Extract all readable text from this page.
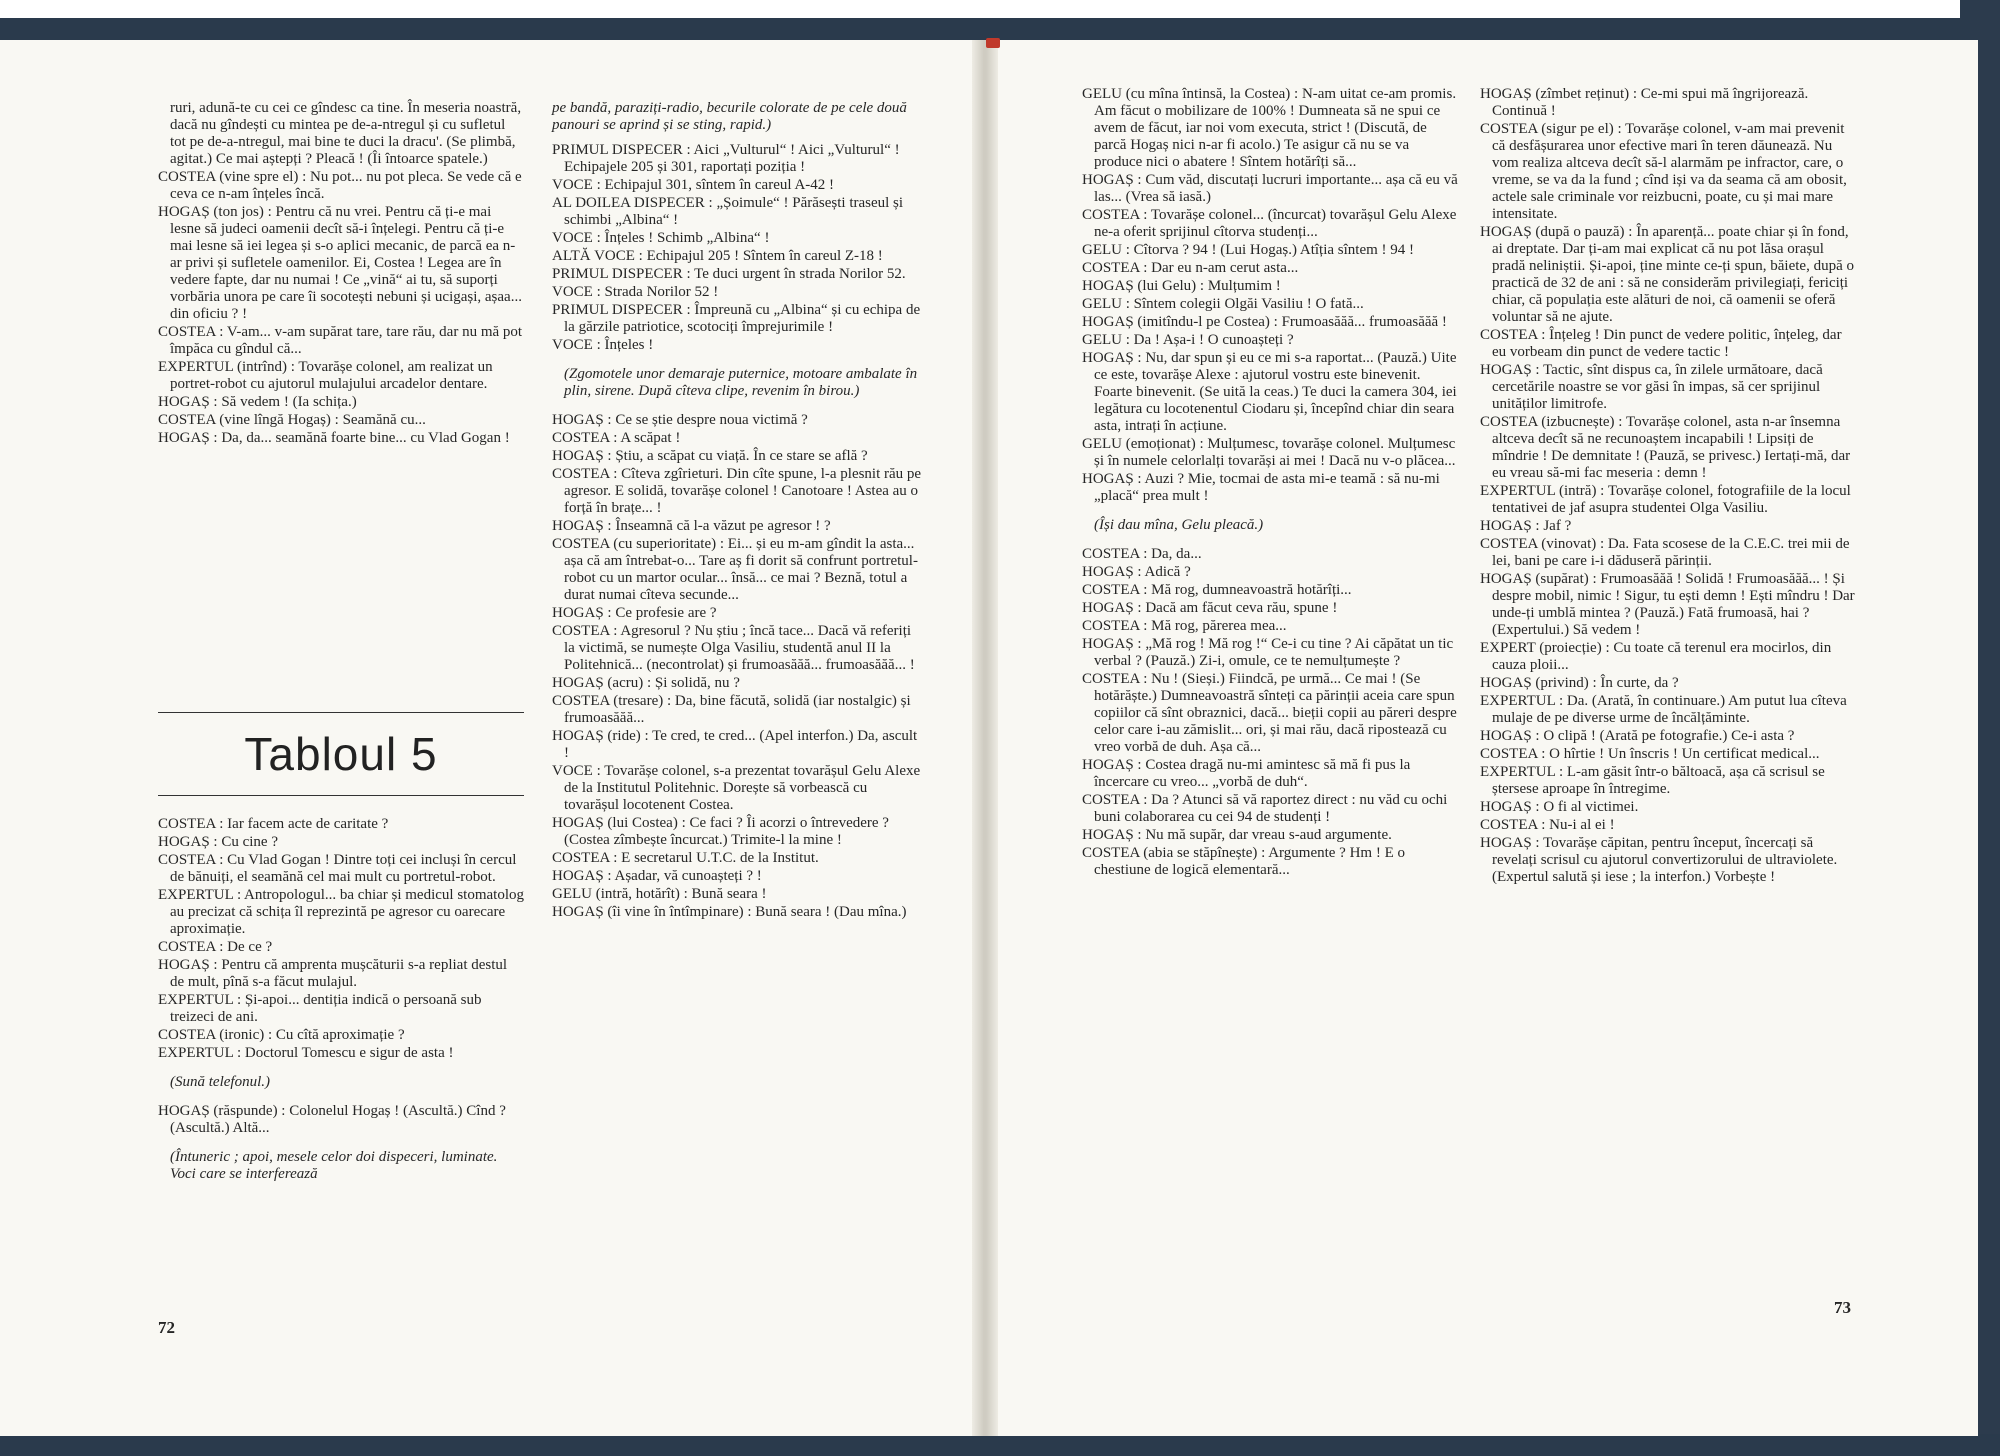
ruri, adună-te cu cei ce gîndesc ca tine. În meseria noastră, dacă nu gîndești cu mintea pe de-a-ntregul și cu sufletul tot pe de-a-ntregul, mai bine te duci la dracu'. (Se plimbă, agitat.) Ce mai aștepți ? Pleacă ! (Îi întoarce spatele.)

COSTEA (vine spre el) : Nu pot... nu pot pleca. Se vede că e ceva ce n-am înțeles încă.

HOGAȘ (ton jos) : Pentru că nu vrei. Pentru că ți-e mai lesne să judeci oamenii decît să-i înțelegi. Pentru că ți-e mai lesne să iei legea și s-o aplici mecanic, de parcă ea n-ar privi și sufletele oamenilor. Ei, Costea ! Legea are în vedere fapte, dar nu numai ! Ce „vină“ ai tu, să suporți vorbăria unora pe care îi socotești nebuni și ucigași, așaa... din oficiu ? !

COSTEA : V-am... v-am supărat tare, tare rău, dar nu mă pot împăca cu gîndul că...

EXPERTUL (intrînd) : Tovarășe colonel, am realizat un portret-robot cu ajutorul mulajului arcadelor dentare.

HOGAȘ : Să vedem ! (Ia schița.)

COSTEA (vine lîngă Hogaș) : Seamănă cu...

HOGAȘ : Da, da... seamănă foarte bine... cu Vlad Gogan !

Tabloul 5

COSTEA : Iar facem acte de caritate ?

HOGAȘ : Cu cine ?

COSTEA : Cu Vlad Gogan ! Dintre toți cei incluși în cercul de bănuiți, el seamănă cel mai mult cu portretul-robot.

EXPERTUL : Antropologul... ba chiar și medicul stomatolog au precizat că schița îl reprezintă pe agresor cu oarecare aproximație.

COSTEA : De ce ?

HOGAȘ : Pentru că amprenta mușcăturii s-a repliat destul de mult, pînă s-a făcut mulajul.

EXPERTUL : Și-apoi... dentiția indică o persoană sub treizeci de ani.

COSTEA (ironic) : Cu cîtă aproximație ?

EXPERTUL : Doctorul Tomescu e sigur de asta !

(Sună telefonul.)

HOGAȘ (răspunde) : Colonelul Hogaș ! (Ascultă.) Cînd ? (Ascultă.) Altă...

(Întuneric ; apoi, mesele celor doi dispeceri, luminate. Voci care se interferează

pe bandă, paraziți-radio, becurile colorate de pe cele două panouri se aprind și se sting, rapid.)

PRIMUL DISPECER : Aici „Vulturul“ ! Aici „Vulturul“ ! Echipajele 205 și 301, raportați poziția !

VOCE : Echipajul 301, sîntem în careul A-42 !

AL DOILEA DISPECER : „Șoimule“ ! Părăsești traseul și schimbi „Albina“ !

VOCE : Înțeles ! Schimb „Albina“ !

ALTĂ VOCE : Echipajul 205 ! Sîntem în careul Z-18 !

PRIMUL DISPECER : Te duci urgent în strada Norilor 52.

VOCE : Strada Norilor 52 !

PRIMUL DISPECER : Împreună cu „Albina“ și cu echipa de la gărzile patriotice, scotociți împrejurimile !

VOCE : Înțeles !

(Zgomotele unor demaraje puternice, motoare ambalate în plin, sirene. După cîteva clipe, revenim în birou.)

HOGAȘ : Ce se știe despre noua victimă ?

COSTEA : A scăpat !

HOGAȘ : Știu, a scăpat cu viață. În ce stare se află ?

COSTEA : Cîteva zgîrieturi. Din cîte spune, l-a plesnit rău pe agresor. E solidă, tovarășe colonel ! Canotoare ! Astea au o forță în brațe... !

HOGAȘ : Înseamnă că l-a văzut pe agresor ! ?

COSTEA (cu superioritate) : Ei... și eu m-am gîndit la asta... așa că am întrebat-o... Tare aș fi dorit să confrunt portretul-robot cu un martor ocular... însă... ce mai ? Beznă, totul a durat numai cîteva secunde...

HOGAȘ : Ce profesie are ?

COSTEA : Agresorul ? Nu știu ; încă tace... Dacă vă referiți la victimă, se numește Olga Vasiliu, studentă anul II la Politehnică... (necontrolat) și frumoasăăă... frumoasăăă... !

HOGAȘ (acru) : Și solidă, nu ?

COSTEA (tresare) : Da, bine făcută, solidă (iar nostalgic) și frumoasăăă...

HOGAȘ (ride) : Te cred, te cred... (Apel interfon.) Da, ascult !

VOCE : Tovarășe colonel, s-a prezentat tovarășul Gelu Alexe de la Institutul Politehnic. Dorește să vorbească cu tovarășul locotenent Costea.

HOGAȘ (lui Costea) : Ce faci ? Îi acorzi o întrevedere ? (Costea zîmbește încurcat.) Trimite-l la mine !

COSTEA : E secretarul U.T.C. de la Institut.

HOGAȘ : Așadar, vă cunoașteți ? !

GELU (intră, hotărît) : Bună seara !

HOGAȘ (îi vine în întîmpinare) : Bună seara ! (Dau mîna.)

GELU (cu mîna întinsă, la Costea) : N-am uitat ce-am promis. Am făcut o mobilizare de 100% ! Dumneata să ne spui ce avem de făcut, iar noi vom executa, strict ! (Discută, de parcă Hogaș nici n-ar fi acolo.) Te asigur că nu se va produce nici o abatere ! Sîntem hotărîți să...

HOGAȘ : Cum văd, discutați lucruri importante... așa că eu vă las... (Vrea să iasă.)

COSTEA : Tovarășe colonel... (încurcat) tovarășul Gelu Alexe ne-a oferit sprijinul cîtorva studenți...

GELU : Cîtorva ? 94 ! (Lui Hogaș.) Atîția sîntem ! 94 !

COSTEA : Dar eu n-am cerut asta...

HOGAȘ (lui Gelu) : Mulțumim !

GELU : Sîntem colegii Olgăi Vasiliu ! O fată...

HOGAȘ (imitîndu-l pe Costea) : Frumoasăăă... frumoasăăă !

GELU : Da ! Așa-i ! O cunoașteți ?

HOGAȘ : Nu, dar spun și eu ce mi s-a raportat... (Pauză.) Uite ce este, tovarășe Alexe : ajutorul vostru este binevenit. Foarte binevenit. (Se uită la ceas.) Te duci la camera 304, iei legătura cu locotenentul Ciodaru și, începînd chiar din seara asta, intrați în acțiune.

GELU (emoționat) : Mulțumesc, tovarășe colonel. Mulțumesc și în numele celorlalți tovarăși ai mei ! Dacă nu v-o plăcea...

HOGAȘ : Auzi ? Mie, tocmai de asta mi-e teamă : să nu-mi „placă“ prea mult !

(Își dau mîna, Gelu pleacă.)

COSTEA : Da, da...

HOGAȘ : Adică ?

COSTEA : Mă rog, dumneavoastră hotărîți...

HOGAȘ : Dacă am făcut ceva rău, spune !

COSTEA : Mă rog, părerea mea...

HOGAȘ : „Mă rog ! Mă rog !“ Ce-i cu tine ? Ai căpătat un tic verbal ? (Pauză.) Zi-i, omule, ce te nemulțumește ?

COSTEA : Nu ! (Sieși.) Fiindcă, pe urmă... Ce mai ! (Se hotărăște.) Dumneavoastră sînteți ca părinții aceia care spun copiilor că sînt obraznici, dacă... bieții copii au păreri despre celor care i-au zămislit... ori, și mai rău, dacă ripostează cu vreo vorbă de duh. Așa că...

HOGAȘ : Costea dragă nu-mi amintesc să mă fi pus la încercare cu vreo... „vorbă de duh“.

COSTEA : Da ? Atunci să vă raportez direct : nu văd cu ochi buni colaborarea cu cei 94 de studenți !

HOGAȘ : Nu mă supăr, dar vreau s-aud argumente.

COSTEA (abia se stăpînește) : Argumente ? Hm ! E o chestiune de logică elementară...

HOGAȘ (zîmbet reținut) : Ce-mi spui mă îngrijorează. Continuă !

COSTEA (sigur pe el) : Tovarășe colonel, v-am mai prevenit că desfășurarea unor efective mari în teren dăunează. Nu vom realiza altceva decît să-l alarmăm pe infractor, care, o vreme, se va da la fund ; cînd iși va da seama că am obosit, actele sale criminale vor reizbucni, poate, cu și mai mare intensitate.

HOGAȘ (după o pauză) : În aparență... poate chiar și în fond, ai dreptate. Dar ți-am mai explicat că nu pot lăsa orașul pradă neliniștii. Și-apoi, ține minte ce-ți spun, băiete, după o practică de 32 de ani : să ne considerăm privilegiați, fericiți chiar, că populația este alături de noi, că oamenii se oferă voluntar să ne ajute.

COSTEA : Înțeleg ! Din punct de vedere politic, înțeleg, dar eu vorbeam din punct de vedere tactic !

HOGAȘ : Tactic, sînt dispus ca, în zilele următoare, dacă cercetările noastre se vor găsi în impas, să cer sprijinul unităților limitrofe.

COSTEA (izbucnește) : Tovarășe colonel, asta n-ar însemna altceva decît să ne recunoaștem incapabili ! Lipsiți de mîndrie ! De demnitate ! (Pauză, se privesc.) Iertați-mă, dar eu vreau să-mi fac meseria : demn !

EXPERTUL (intră) : Tovarășe colonel, fotografiile de la locul tentativei de jaf asupra studentei Olga Vasiliu.

HOGAȘ : Jaf ?

COSTEA (vinovat) : Da. Fata scosese de la C.E.C. trei mii de lei, bani pe care i-i dăduseră părinții.

HOGAȘ (supărat) : Frumoasăăă ! Solidă ! Frumoasăăă... ! Și despre mobil, nimic ! Sigur, tu ești demn ! Ești mîndru ! Dar unde-ți umblă mintea ? (Pauză.) Fată frumoasă, hai ? (Expertului.) Să vedem !

EXPERT (proiecție) : Cu toate că terenul era mocirlos, din cauza ploii...

HOGAȘ (privind) : În curte, da ?

EXPERTUL : Da. (Arată, în continuare.) Am putut lua cîteva mulaje de pe diverse urme de încălțăminte.

HOGAȘ : O clipă ! (Arată pe fotografie.) Ce-i asta ?

COSTEA : O hîrtie ! Un înscris ! Un certificat medical...

EXPERTUL : L-am găsit într-o băltoacă, așa că scrisul se ștersese aproape în întregime.

HOGAȘ : O fi al victimei.

COSTEA : Nu-i al ei !

HOGAȘ : Tovarășe căpitan, pentru început, încercați să revelați scrisul cu ajutorul convertizorului de ultraviolete. (Expertul salută și iese ; la interfon.) Vorbește !

72
73
